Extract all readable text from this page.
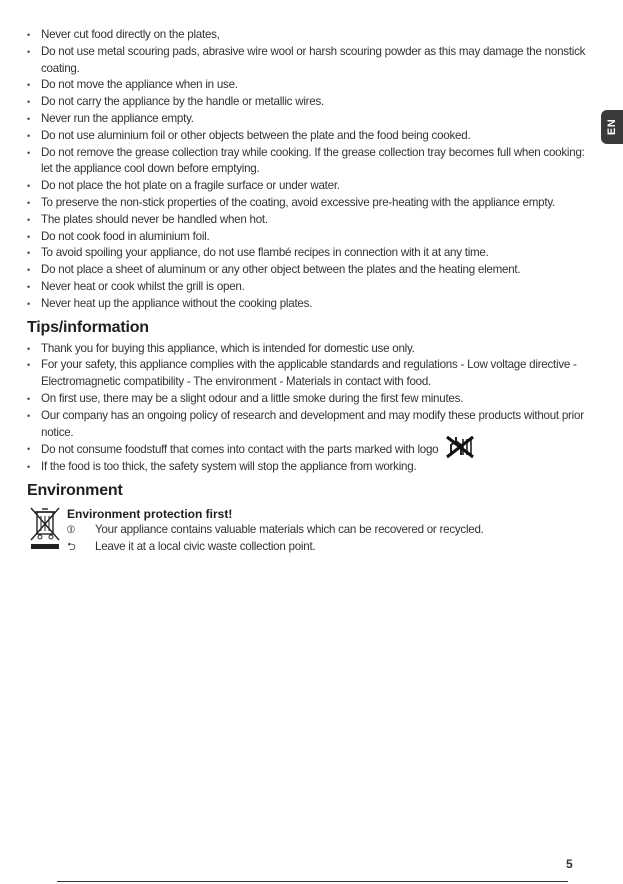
EN
• Never cut food directly on the plates,
• Do not use metal scouring pads, abrasive wire wool or harsh scouring powder as this may damage the nonstick coating.
• Do not move the appliance when in use.
• Do not carry the appliance by the handle or metallic wires.
• Never run the appliance empty.
• Do not use aluminium foil or other objects between the plate and the food being cooked.
• Do not remove the grease collection tray while cooking. If the grease collection tray becomes full when cooking: let the appliance cool down before emptying.
• Do not place the hot plate on a fragile surface or under water.
• To preserve the non-stick properties of the coating, avoid excessive pre-heating with the appliance empty.
• The plates should never be handled when hot.
• Do not cook food in aluminium foil.
• To avoid spoiling your appliance, do not use flambé recipes in connection with it at any time.
• Do not place a sheet of aluminum or any other object between the plates and the heating element.
• Never heat or cook whilst the grill is open.
• Never heat up the appliance without the cooking plates.
Tips/information
• Thank you for buying this appliance, which is intended for domestic use only.
• For your safety, this appliance complies with the applicable standards and regulations - Low voltage directive - Electromagnetic compatibility - The environment - Materials in contact with food.
• On first use, there may be a slight odour and a little smoke during the first few minutes.
• Our company has an ongoing policy of research and development and may modify these products without prior notice.
• Do not consume foodstuff that comes into contact with the parts marked with logo
• If the food is too thick, the safety system will stop the appliance from working.
Environment
Environment protection first!
⦶ Your appliance contains valuable materials which can be recovered or recycled.
⮌ Leave it at a local civic waste collection point.
5
